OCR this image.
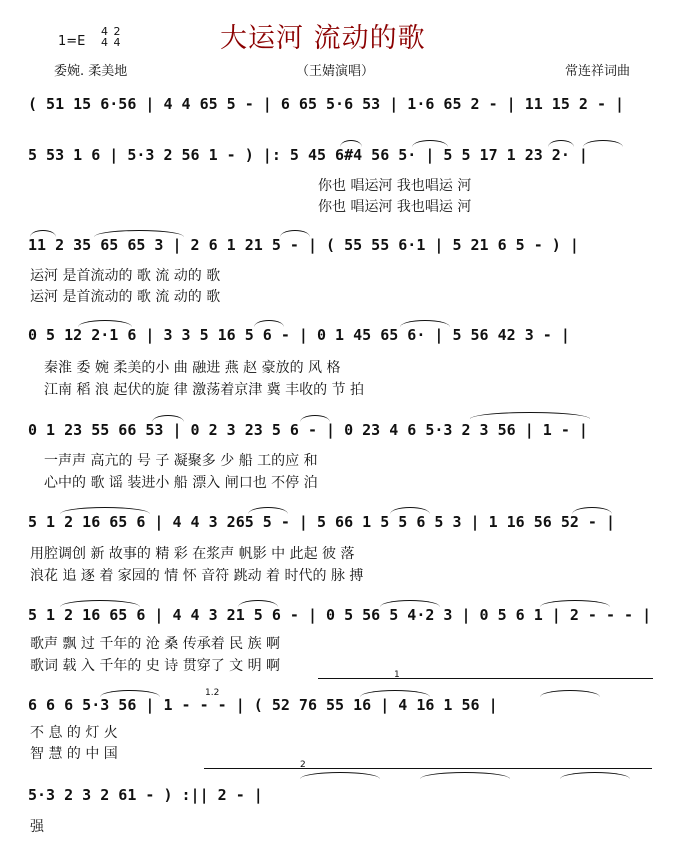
1=E
4
4 2
4	大运河 流动的歌
委婉. 柔美地	（王婧演唱）	常连祥词曲
( 51 15 6·56 | 4 4 65 5 - | 6 65 5·6 53 | 1·6 65 2 - | 11 15 2 - |
5 53 1 6 | 5·3 2 56 1 - ) |: 5 45 6#4 56 5· | 5 5 17 1 23 2· |
你也 唱运河 我也唱运 河
你也 唱运河 我也唱运 河
11 2 35 65 65 3 | 2 6 1 21 5 - | ( 55 55 6·1 | 5 21 6 5 - ) |
运河 是首流动的 歌 流 动的 歌
运河 是首流动的 歌 流 动的 歌
0 5 12 2·1 6 | 3 3 5 16 5 6 - | 0 1 45 65 6· | 5 56 42 3 - |
秦淮 委 婉 柔美的小 曲 融进 燕 赵 豪放的 风 格
江南 稻 浪 起伏的旋 律 激荡着京津 冀 丰收的 节 拍
0 1 23 55 66 53 | 0 2 3 23 5 6 - | 0 23 4 6 5·3 2 3 56 | 1 - |
一声声 高亢的 号 子 凝聚多 少 船 工的应 和
心中的 歌 谣 装进小 船 漂入 闸口也 不停 泊
5 1 2 16 65 6 | 4 4 3 265 5 - | 5 66 1 5 5 6 5 3 | 1 16 56 52 - |
用腔调创 新 故事的 精 彩 在浆声 帆影 中 此起 彼 落
浪花 追 逐 着 家园的 情 怀 音符 跳动 着 时代的 脉 搏
5 1 2 16 65 6 | 4 4 3 21 5 6 - | 0 5 56 5 4·2 3 | 0 5 6 1 | 2 - - - |
歌声 飘 过 千年的 沧 桑 传承着 民 族 啊
歌词 载 入 千年的 史 诗 贯穿了 文 明 啊
1
1.2
6 6 6 5·3 56 | 1 - - - | ( 52 76 55 16 | 4 16 1 56 |
不 息 的 灯 火
智 慧 的 中 国
2
5·3 2 3 2 61 - ) :|| 2 - |
强
